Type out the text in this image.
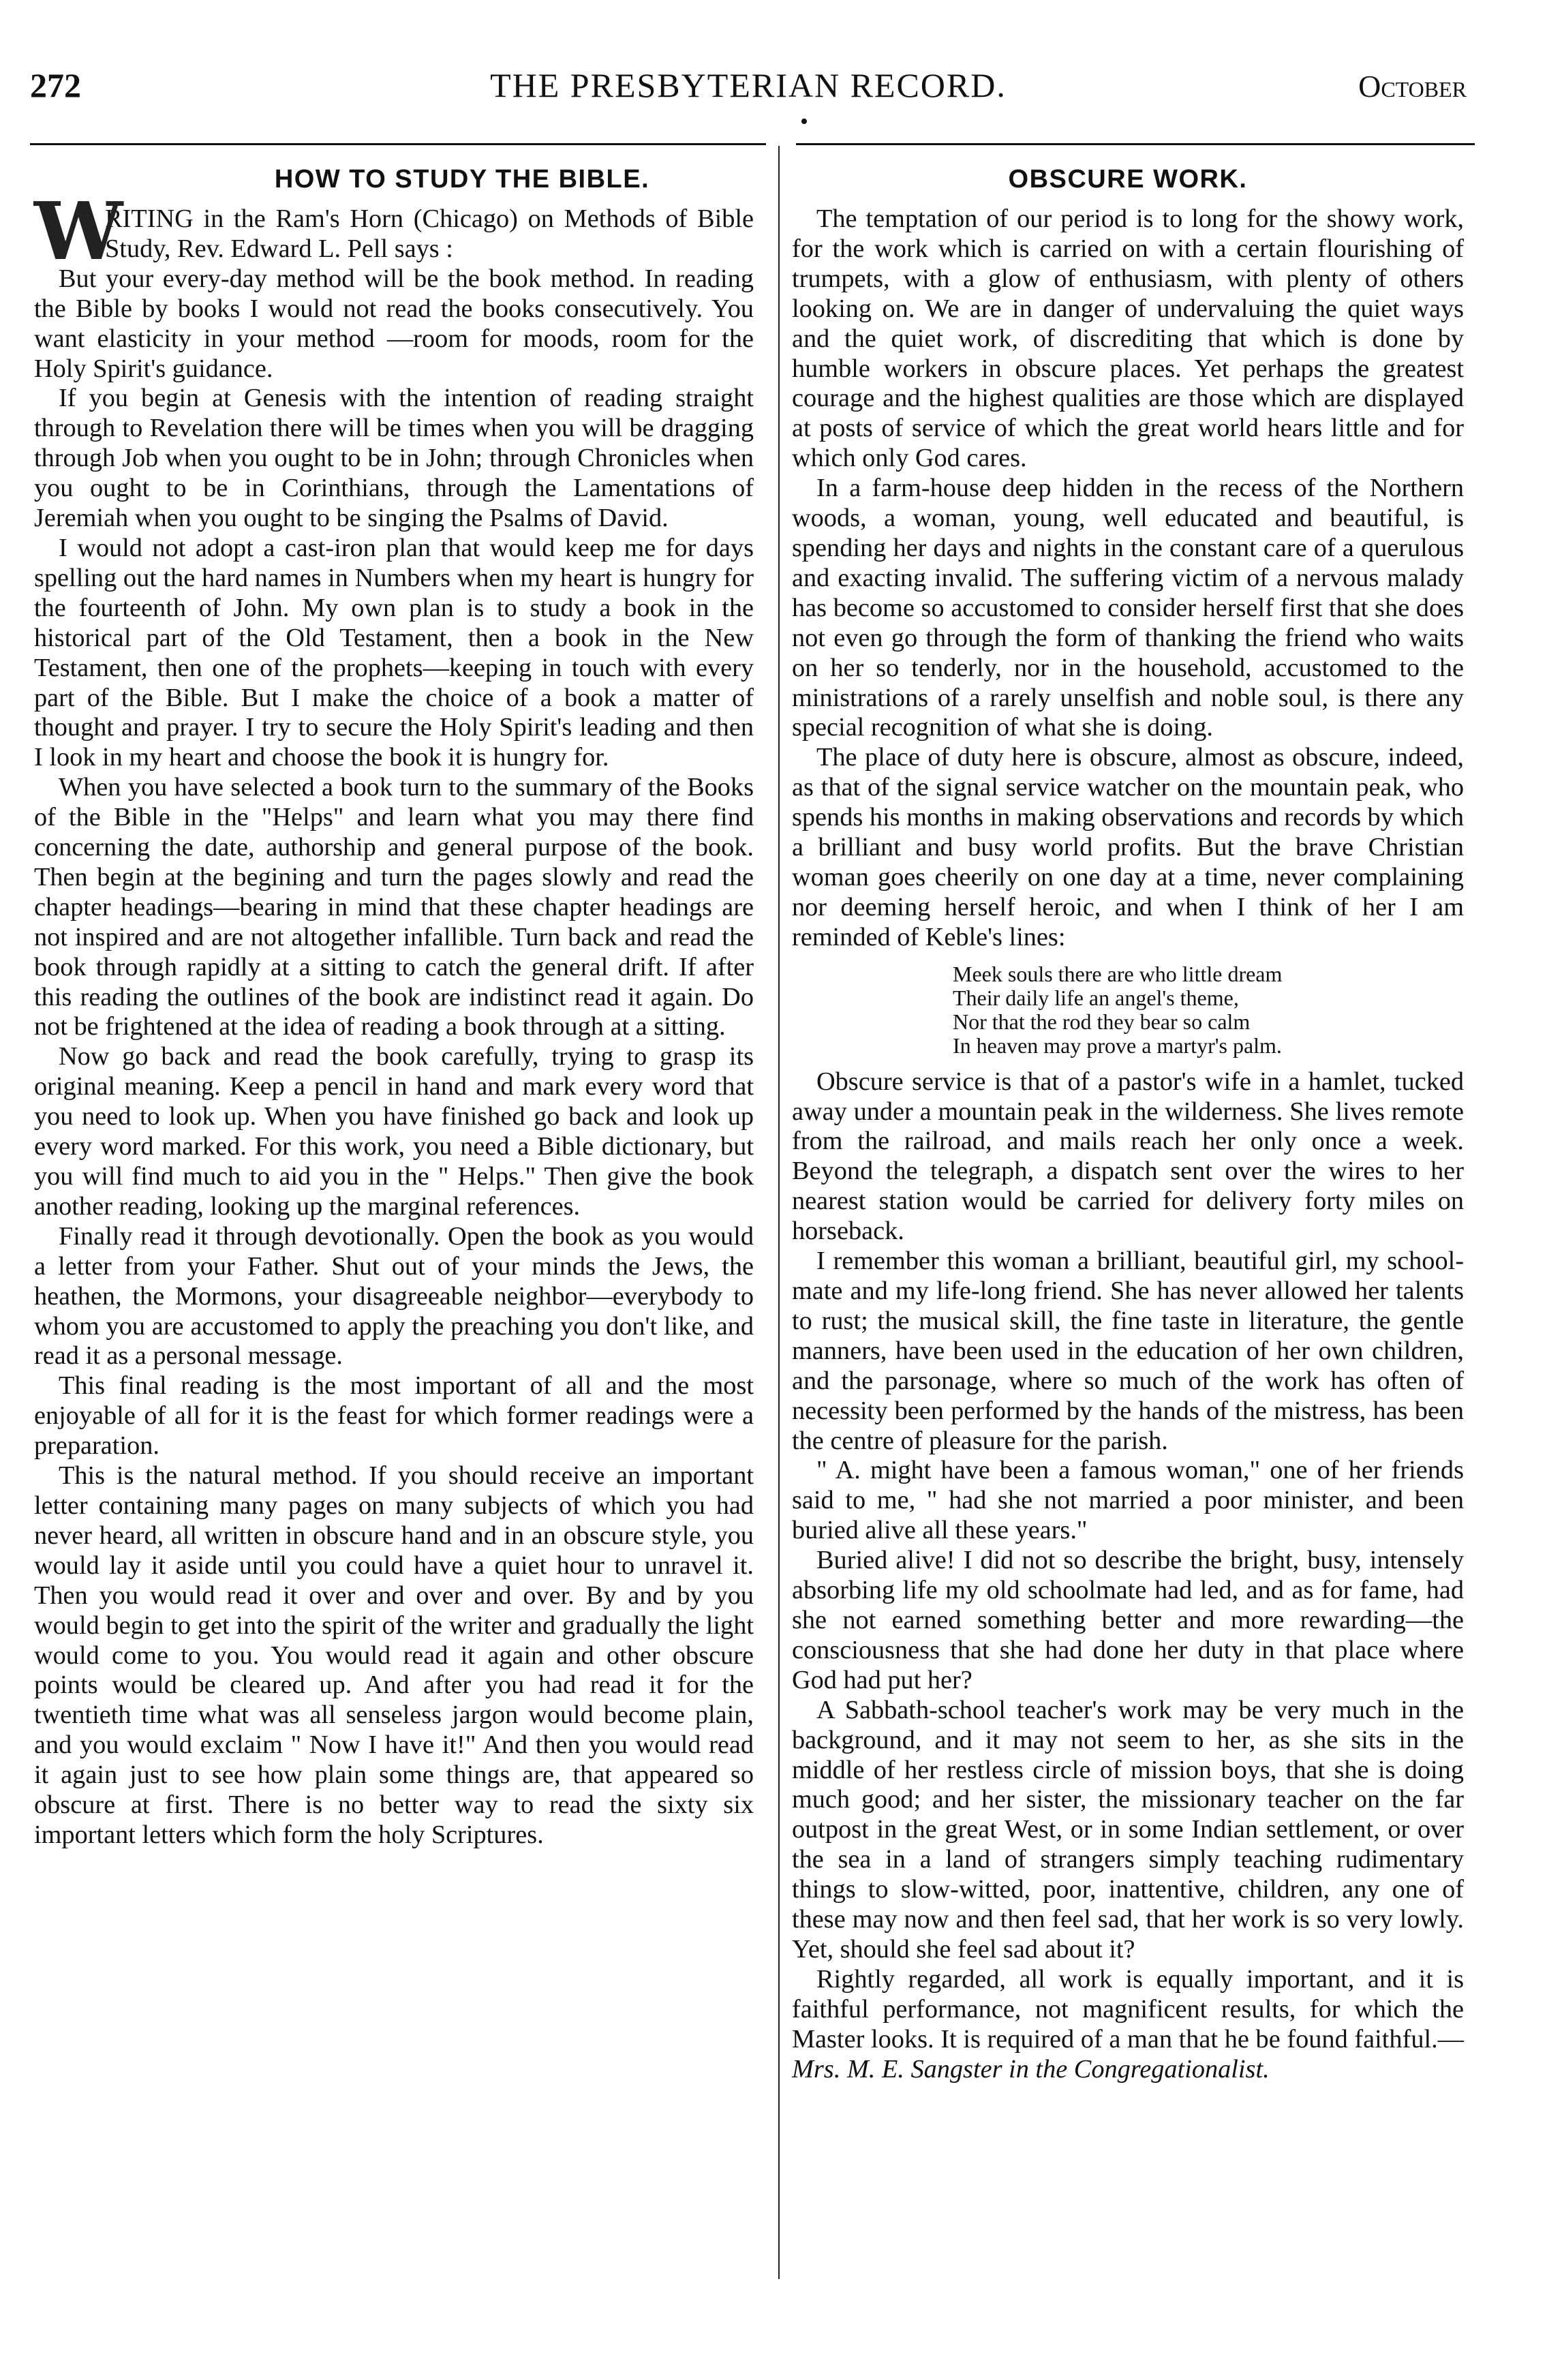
272	THE PRESBYTERIAN RECORD.	October
•
HOW TO STUDY THE BIBLE.

W
RITING in the Ram's Horn (Chicago) on Methods of Bible Study, Rev. Edward L. Pell says :

But your every-day method will be the book method. In reading the Bible by books I would not read the books consecutively. You want elasticity in your method —room for moods, room for the Holy Spirit's guidance.

If you begin at Genesis with the intention of reading straight through to Revelation there will be times when you will be dragging through Job when you ought to be in John; through Chronicles when you ought to be in Corinthians, through the Lamentations of Jeremiah when you ought to be singing the Psalms of David.

I would not adopt a cast-iron plan that would keep me for days spelling out the hard names in Numbers when my heart is hungry for the fourteenth of John. My own plan is to study a book in the historical part of the Old Testament, then a book in the New Testament, then one of the prophets—keeping in touch with every part of the Bible. But I make the choice of a book a matter of thought and prayer. I try to secure the Holy Spirit's leading and then I look in my heart and choose the book it is hungry for.

When you have selected a book turn to the summary of the Books of the Bible in the "Helps" and learn what you may there find concerning the date, authorship and general purpose of the book. Then begin at the begining and turn the pages slowly and read the chapter headings—bearing in mind that these chapter headings are not inspired and are not altogether infallible. Turn back and read the book through rapidly at a sitting to catch the general drift. If after this reading the outlines of the book are indistinct read it again. Do not be frightened at the idea of reading a book through at a sitting.

Now go back and read the book carefully, trying to grasp its original meaning. Keep a pencil in hand and mark every word that you need to look up. When you have finished go back and look up every word marked. For this work, you need a Bible dictionary, but you will find much to aid you in the " Helps." Then give the book another reading, looking up the marginal references.

Finally read it through devotionally. Open the book as you would a letter from your Father. Shut out of your minds the Jews, the heathen, the Mormons, your disagreeable neighbor—everybody to whom you are accustomed to apply the preaching you don't like, and read it as a personal message.

This final reading is the most important of all and the most enjoyable of all for it is the feast for which former readings were a preparation.

This is the natural method. If you should receive an important letter containing many pages on many subjects of which you had never heard, all written in obscure hand and in an obscure style, you would lay it aside until you could have a quiet hour to unravel it. Then you would read it over and over and over. By and by you would begin to get into the spirit of the writer and gradually the light would come to you. You would read it again and other obscure points would be cleared up. And after you had read it for the twentieth time what was all senseless jargon would become plain, and you would exclaim " Now I have it!" And then you would read it again just to see how plain some things are, that appeared so obscure at first. There is no better way to read the sixty six important letters which form the holy Scriptures.

OBSCURE WORK.

The temptation of our period is to long for the showy work, for the work which is carried on with a certain flourishing of trumpets, with a glow of enthusiasm, with plenty of others looking on. We are in danger of undervaluing the quiet ways and the quiet work, of discrediting that which is done by humble workers in obscure places. Yet perhaps the greatest courage and the highest qualities are those which are displayed at posts of service of which the great world hears little and for which only God cares.

In a farm-house deep hidden in the recess of the Northern woods, a woman, young, well educated and beautiful, is spending her days and nights in the constant care of a querulous and exacting invalid. The suffering victim of a nervous malady has become so accustomed to consider herself first that she does not even go through the form of thanking the friend who waits on her so tenderly, nor in the household, accustomed to the ministrations of a rarely unselfish and noble soul, is there any special recognition of what she is doing.

The place of duty here is obscure, almost as obscure, indeed, as that of the signal service watcher on the mountain peak, who spends his months in making observations and records by which a brilliant and busy world profits. But the brave Christian woman goes cheerily on one day at a time, never complaining nor deeming herself heroic, and when I think of her I am reminded of Keble's lines:

Meek souls there are who little dream
Their daily life an angel's theme,
Nor that the rod they bear so calm
In heaven may prove a martyr's palm.

Obscure service is that of a pastor's wife in a hamlet, tucked away under a mountain peak in the wilderness. She lives remote from the railroad, and mails reach her only once a week. Beyond the telegraph, a dispatch sent over the wires to her nearest station would be carried for delivery forty miles on horseback.

I remember this woman a brilliant, beautiful girl, my school-mate and my life-long friend. She has never allowed her talents to rust; the musical skill, the fine taste in literature, the gentle manners, have been used in the education of her own children, and the parsonage, where so much of the work has often of necessity been performed by the hands of the mistress, has been the centre of pleasure for the parish.

" A. might have been a famous woman," one of her friends said to me, " had she not married a poor minister, and been buried alive all these years."

Buried alive! I did not so describe the bright, busy, intensely absorbing life my old schoolmate had led, and as for fame, had she not earned something better and more rewarding—the consciousness that she had done her duty in that place where God had put her?

A Sabbath-school teacher's work may be very much in the background, and it may not seem to her, as she sits in the middle of her restless circle of mission boys, that she is doing much good; and her sister, the missionary teacher on the far outpost in the great West, or in some Indian settlement, or over the sea in a land of strangers simply teaching rudimentary things to slow-witted, poor, inattentive, children, any one of these may now and then feel sad, that her work is so very lowly. Yet, should she feel sad about it?

Rightly regarded, all work is equally important, and it is faithful performance, not magnificent results, for which the Master looks. It is required of a man that he be found faithful.— Mrs. M. E. Sangster in the Congregationalist.
